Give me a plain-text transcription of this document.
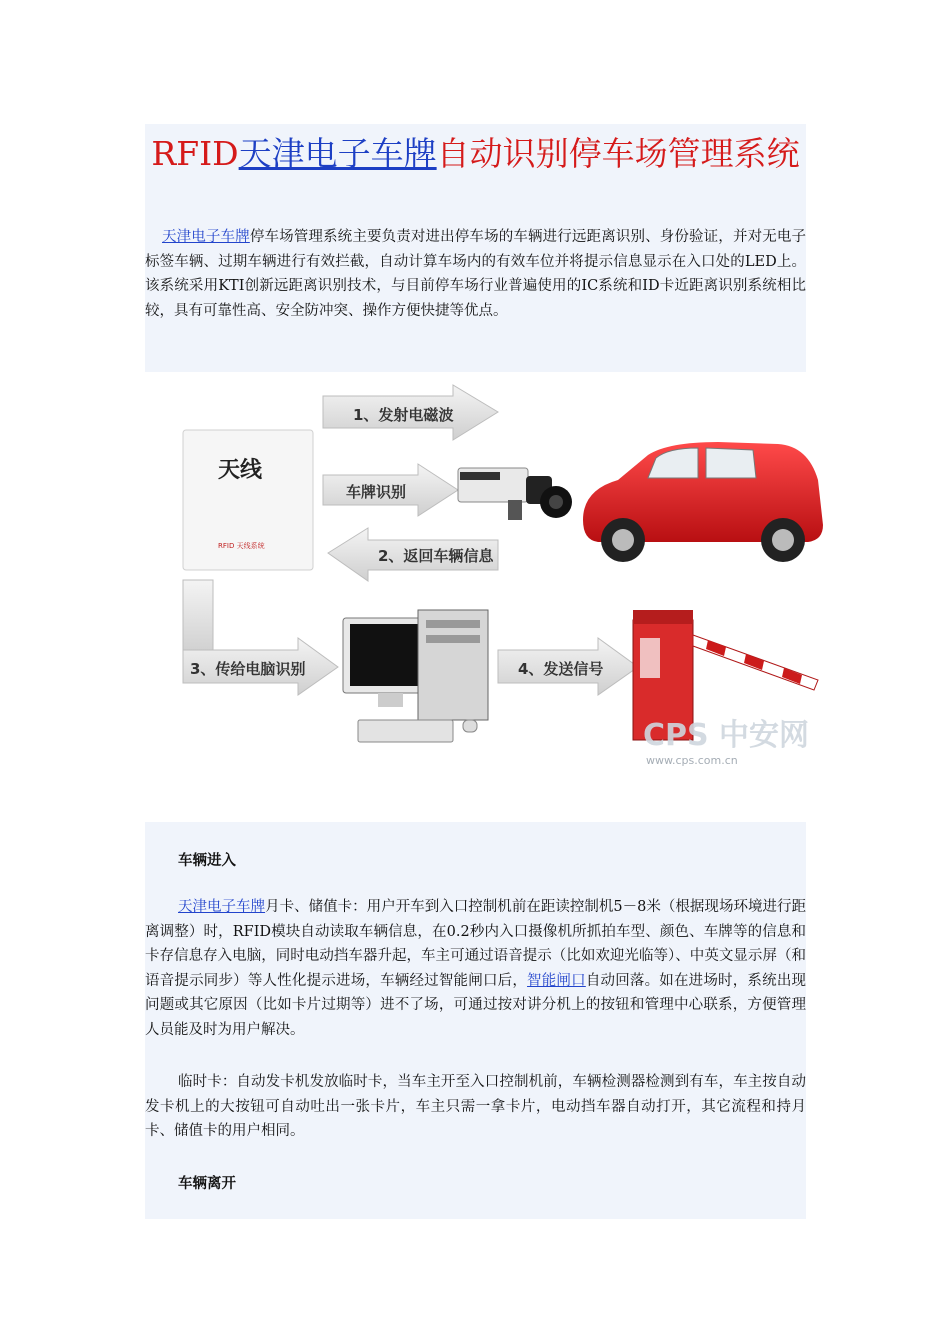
RFID天津电子车牌自动识别停车场管理系统
天津电子车牌停车场管理系统主要负责对进出停车场的车辆进行远距离识别、身份验证，并对无电子标签车辆、过期车辆进行有效拦截，自动计算车场内的有效车位并将提示信息显示在入口处的LED上。该系统采用KTI创新远距离识别技术，与目前停车场行业普遍使用的IC系统和ID卡近距离识别系统相比较，具有可靠性高、安全防冲突、操作方便快捷等优点。
天线
RFID 天线系统
1、发射电磁波
车牌识别
2、返回车辆信息
3、传给电脑识别	4、发送信号
CPS 中安网
www.cps.com.cn
车辆进入
天津电子车牌月卡、储值卡：用户开车到入口控制机前在距读控制机5－8米（根据现场环境进行距离调整）时，RFID模块自动读取车辆信息，在0.2秒内入口摄像机所抓拍车型、颜色、车牌等的信息和卡存信息存入电脑，同时电动挡车器升起，车主可通过语音提示（比如欢迎光临等）、中英文显示屏（和语音提示同步）等人性化提示进场，车辆经过智能闸口后，智能闸口自动回落。如在进场时，系统出现问题或其它原因（比如卡片过期等）进不了场，可通过按对讲分机上的按钮和管理中心联系，方便管理人员能及时为用户解决。
临时卡：自动发卡机发放临时卡，当车主开至入口控制机前，车辆检测器检测到有车，车主按自动发卡机上的大按钮可自动吐出一张卡片，车主只需一拿卡片，电动挡车器自动打开，其它流程和持月卡、储值卡的用户相同。
车辆离开
